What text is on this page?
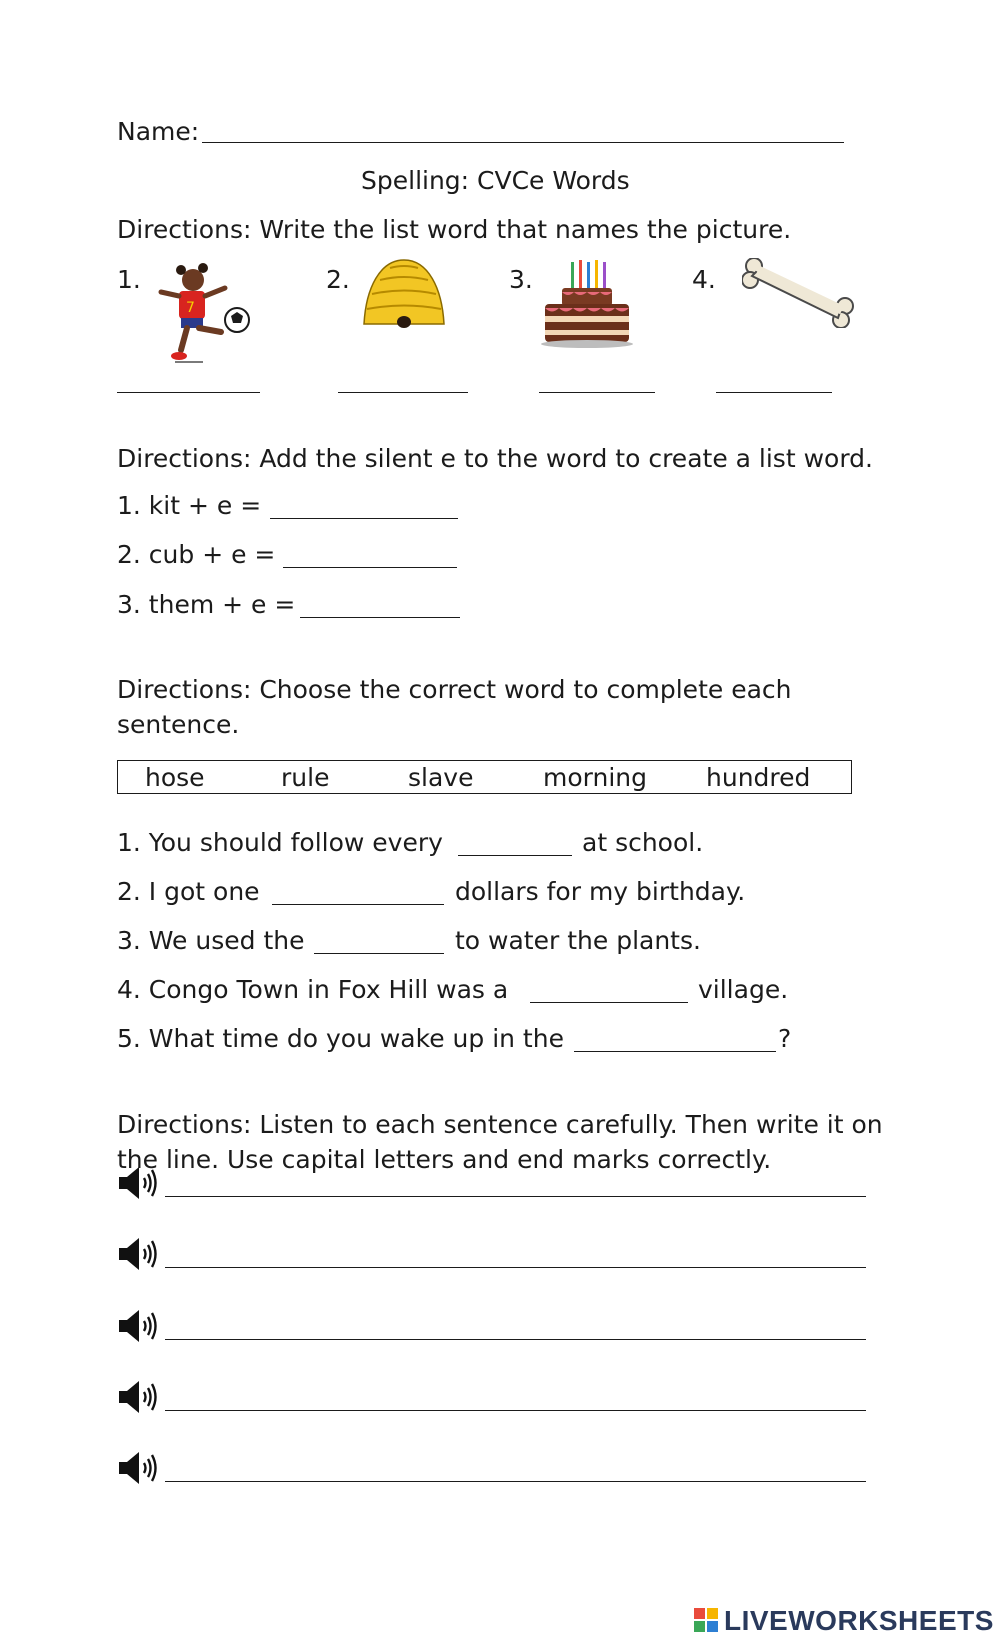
Name:
Spelling: CVCe Words
Directions: Write the list word that names the picture.
1.	2.	3.	4.
7
Directions: Add the silent e to the word to create a list word.
1. kit + e =
2. cub + e =
3. them + e =
Directions: Choose the correct word to complete each
sentence.
hose	rule	slave	morning hundred
1. You should follow every	at school.
2. I got one	dollars for my birthday.
3. We used the	to water the plants.
4. Congo Town in Fox Hill was a	village.
5. What time do you wake up in the	?
Directions: Listen to each sentence carefully. Then write it on
the line. Use capital letters and end marks correctly.
LIVEWORKSHEETS
